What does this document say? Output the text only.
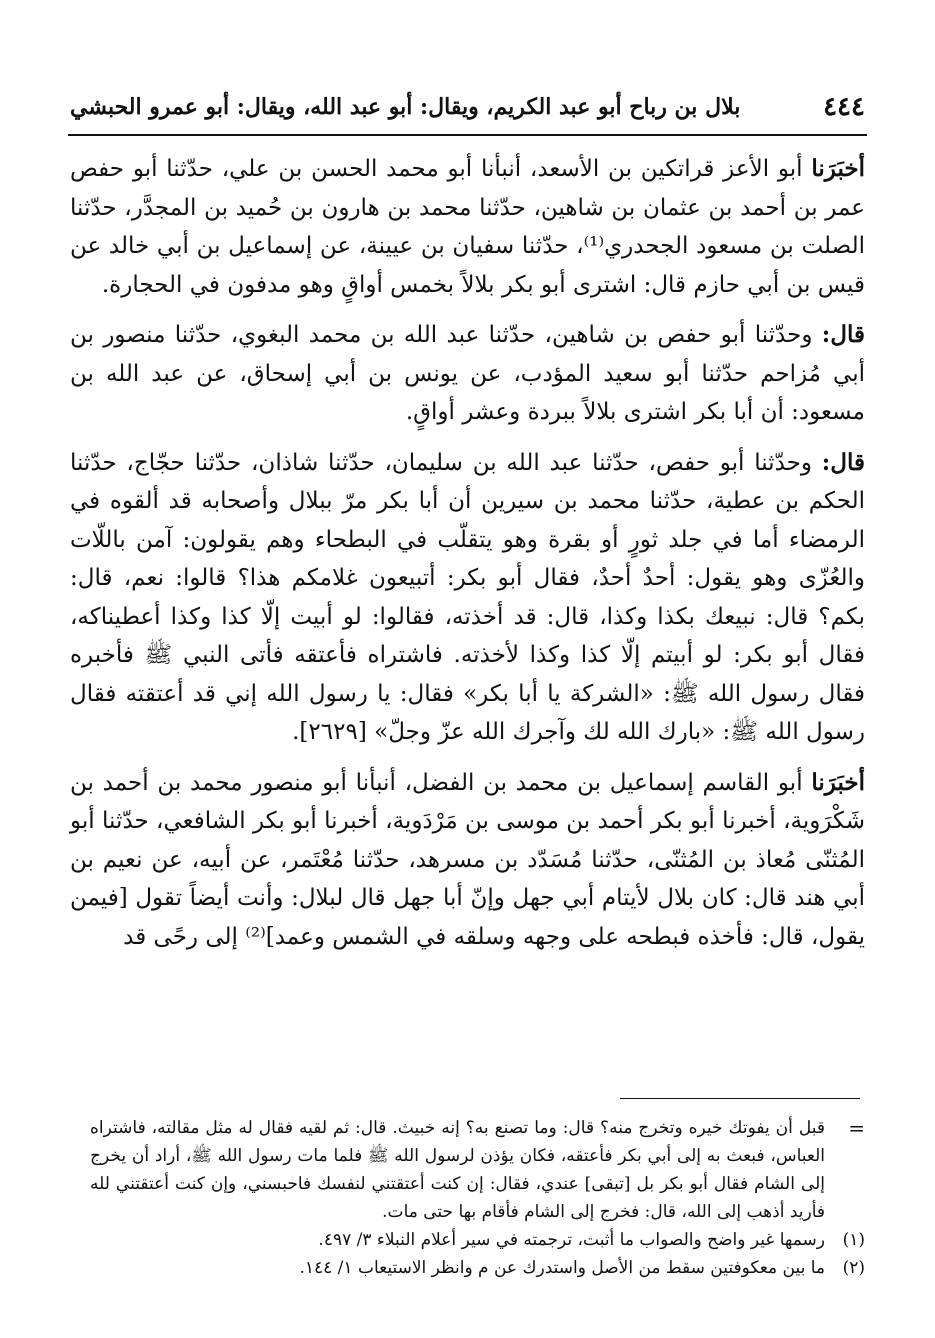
٤٤٤
بلال بن رباح أبو عبد الكريم، ويقال: أبو عبد الله، ويقال: أبو عمرو الحبشي

أخبَرَنا أبو الأعز قراتكين بن الأسعد، أنبأنا أبو محمد الحسن بن علي، حدّثنا أبو حفص عمر بن أحمد بن عثمان بن شاهين، حدّثنا محمد بن هارون بن حُميد بن المجدَّر، حدّثنا الصلت بن مسعود الجحدري⁽¹⁾، حدّثنا سفيان بن عيينة، عن إسماعيل بن أبي خالد عن قيس بن أبي حازم قال: اشترى أبو بكر بلالاً بخمس أواقٍ وهو مدفون في الحجارة.

قال: وحدّثنا أبو حفص بن شاهين، حدّثنا عبد الله بن محمد البغوي، حدّثنا منصور بن أبي مُزاحم حدّثنا أبو سعيد المؤدب، عن يونس بن أبي إسحاق، عن عبد الله بن مسعود: أن أبا بكر اشترى بلالاً ببردة وعشر أواقٍ.

قال: وحدّثنا أبو حفص، حدّثنا عبد الله بن سليمان، حدّثنا شاذان، حدّثنا حجّاج، حدّثنا الحكم بن عطية، حدّثنا محمد بن سيرين أن أبا بكر مرّ ببلال وأصحابه قد ألقوه في الرمضاء أما في جلد ثورٍ أو بقرة وهو يتقلّب في البطحاء وهم يقولون: آمن باللّات والعُزّى وهو يقول: أحدٌ أحدٌ، فقال أبو بكر: أتبيعون غلامكم هذا؟ قالوا: نعم، قال: بكم؟ قال: نبيعك بكذا وكذا، قال: قد أخذته، فقالوا: لو أبيت إلّا كذا وكذا أعطيناكه، فقال أبو بكر: لو أبيتم إلّا كذا وكذا لأخذته. فاشتراه فأعتقه فأتى النبي ﷺ فأخبره فقال رسول الله ﷺ: «الشركة يا أبا بكر» فقال: يا رسول الله إني قد أعتقته فقال رسول الله ﷺ: «بارك الله لك وآجرك الله عزّ وجلّ» [٢٦٢٩].

أخبَرَنا أبو القاسم إسماعيل بن محمد بن الفضل، أنبأنا أبو منصور محمد بن أحمد بن شَكْرَوية، أخبرنا أبو بكر أحمد بن موسى بن مَرْدَوية، أخبرنا أبو بكر الشافعي، حدّثنا أبو المُثنّى مُعاذ بن المُثنّى، حدّثنا مُسَدّد بن مسرهد، حدّثنا مُعْتَمر، عن أبيه، عن نعيم بن أبي هند قال: كان بلال لأيتام أبي جهل وإنّ أبا جهل قال لبلال: وأنت أيضاً تقول [فيمن يقول، قال: فأخذه فبطحه على وجهه وسلقه في الشمس وعمد]⁽²⁾ إلى رحًى قد

=
قبل أن يفوتك خيره وتخرج منه؟ قال: وما تصنع به؟ إنه خبيث. قال: ثم لقيه فقال له مثل مقالته، فاشتراه العباس، فبعث به إلى أبي بكر فأعتقه، فكان يؤذن لرسول الله ﷺ فلما مات رسول الله ﷺ، أراد أن يخرج إلى الشام فقال أبو بكر بل [تبقى] عندي، فقال: إن كنت أعتقتني لنفسك فاحبسني، وإن كنت أعتقتني لله فأريد أذهب إلى الله، قال: فخرج إلى الشام فأقام بها حتى مات.

(١)
رسمها غير واضح والصواب ما أثبت، ترجمته في سير أعلام النبلاء ٣/ ٤٩٧.

(٢)
ما بين معكوفتين سقط من الأصل واستدرك عن م وانظر الاستيعاب ١/ ١٤٤.
